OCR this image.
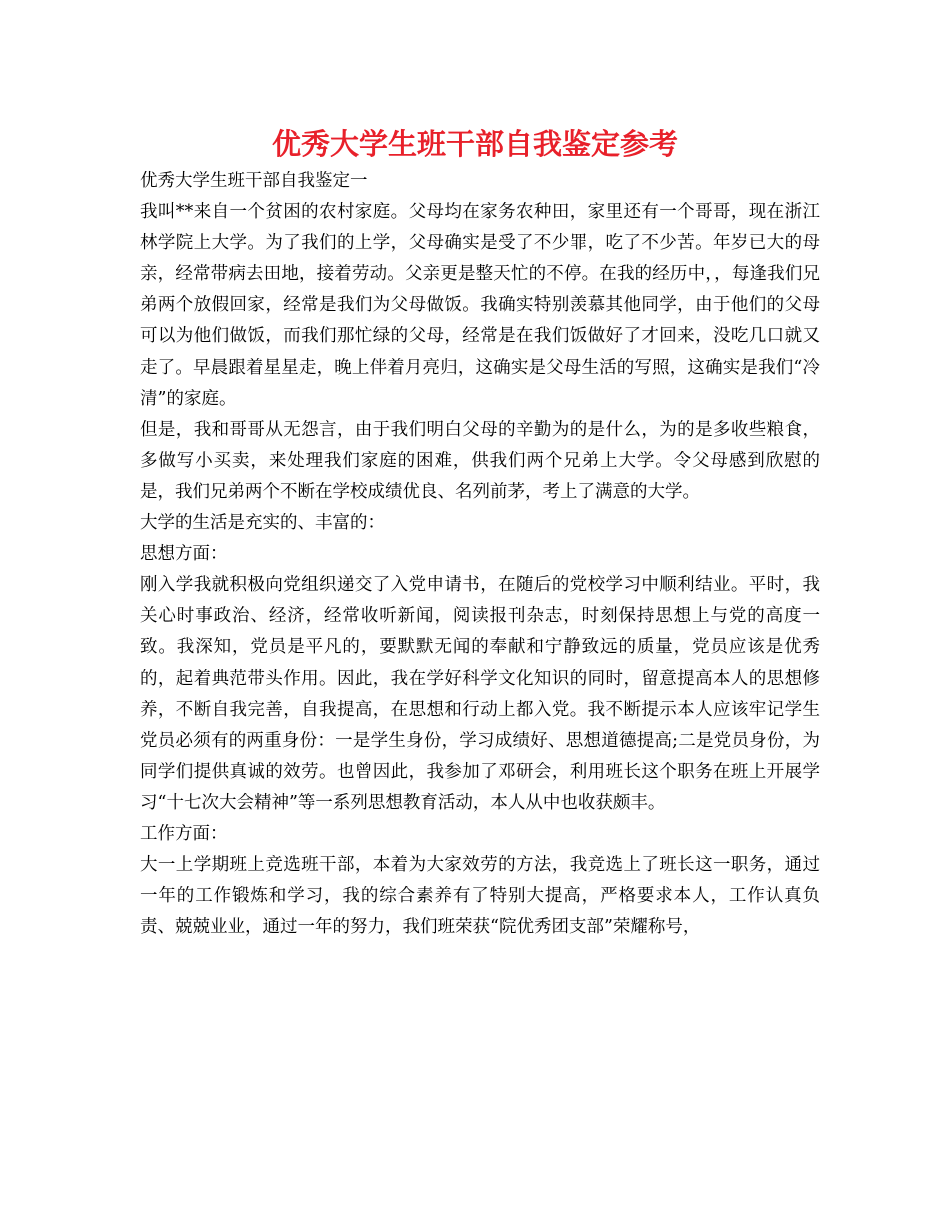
优秀大学生班干部自我鉴定参考

优秀大学生班干部自我鉴定一

我叫**来自一个贫困的农村家庭。父母均在家务农种田，家里还有一个哥哥，现在浙江林学院上大学。为了我们的上学，父母确实是受了不少罪，吃了不少苦。年岁已大的母亲，经常带病去田地，接着劳动。父亲更是整天忙的不停。在我的经历中，，每逢我们兄弟两个放假回家，经常是我们为父母做饭。我确实特别羡慕其他同学，由于他们的父母可以为他们做饭，而我们那忙绿的父母，经常是在我们饭做好了才回来，没吃几口就又走了。早晨跟着星星走，晚上伴着月亮归，这确实是父母生活的写照，这确实是我们“冷清”的家庭。

但是，我和哥哥从无怨言，由于我们明白父母的辛勤为的是什么，为的是多收些粮食，多做写小买卖，来处理我们家庭的困难，供我们两个兄弟上大学。令父母感到欣慰的是，我们兄弟两个不断在学校成绩优良、名列前茅，考上了满意的大学。

大学的生活是充实的、丰富的：

思想方面：

刚入学我就积极向党组织递交了入党申请书，在随后的党校学习中顺利结业。平时，我关心时事政治、经济，经常收听新闻，阅读报刊杂志，时刻保持思想上与党的高度一致。我深知，党员是平凡的，要默默无闻的奉献和宁静致远的质量，党员应该是优秀的，起着典范带头作用。因此，我在学好科学文化知识的同时，留意提高本人的思想修养，不断自我完善，自我提高，在思想和行动上都入党。我不断提示本人应该牢记学生党员必须有的两重身份：一是学生身份，学习成绩好、思想道德提高;二是党员身份，为同学们提供真诚的效劳。也曾因此，我参加了邓研会，利用班长这个职务在班上开展学习“十七次大会精神”等一系列思想教育活动，本人从中也收获颇丰。

工作方面：

大一上学期班上竞选班干部，本着为大家效劳的方法，我竞选上了班长这一职务，通过一年的工作锻炼和学习，我的综合素养有了特别大提高，严格要求本人，工作认真负责、兢兢业业，通过一年的努力，我们班荣获“院优秀团支部”荣耀称号，
